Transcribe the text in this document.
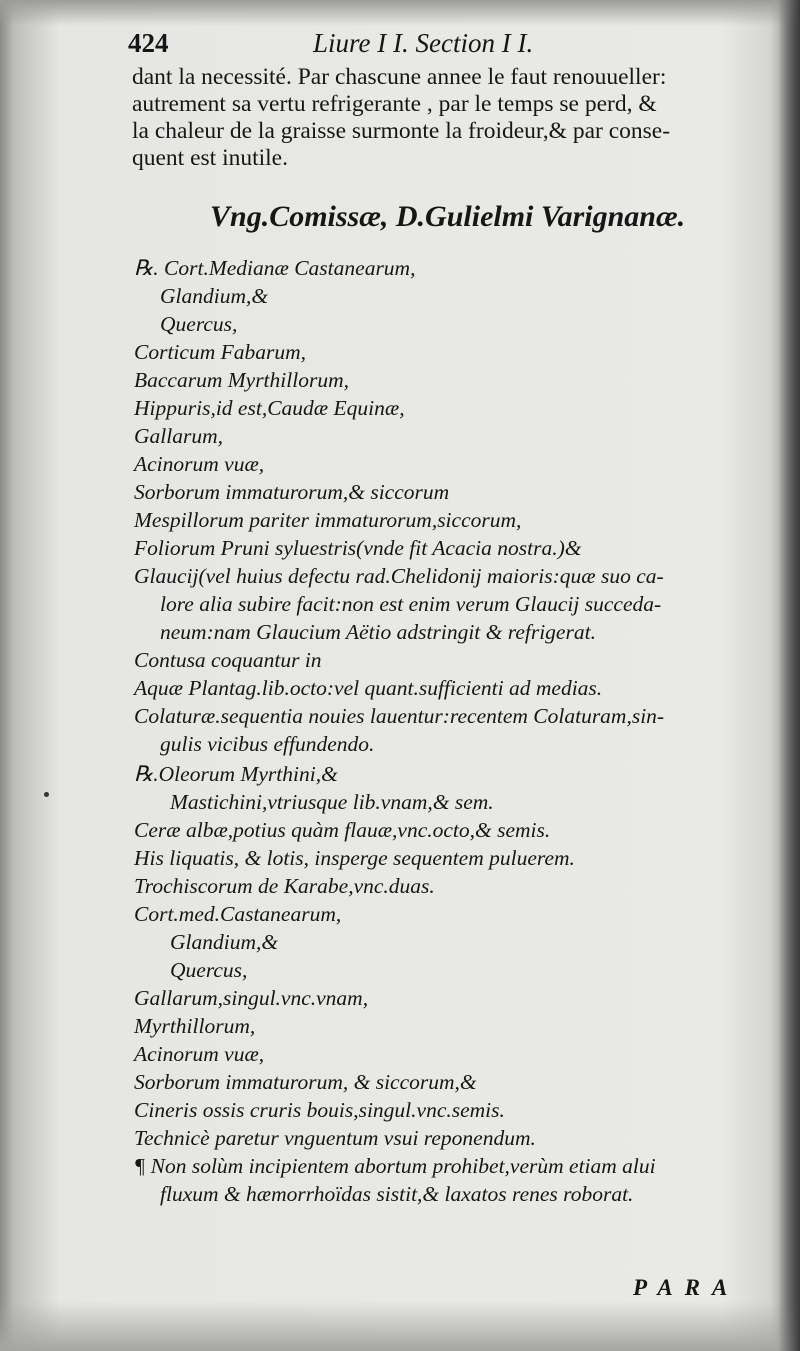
424	Liure I I. Section I I.
dant la necessité. Par chascune annee le faut renouueller:
autrement sa vertu refrigerante , par le temps se perd, &
la chaleur de la graisse surmonte la froideur,& par conse-
quent est inutile.
Vng.Comissæ, D.Gulielmi Varignanæ.
℞. Cort.Medianæ Castanearum,
Glandium,&
Quercus,
Corticum Fabarum,
Baccarum Myrthillorum,
Hippuris,id est,Caudæ Equinæ,
Gallarum,
Acinorum vuæ,
Sorborum immaturorum,& siccorum
Mespillorum pariter immaturorum,siccorum,
Foliorum Pruni syluestris(vnde fit Acacia nostra.)&
Glaucij(vel huius defectu rad.Chelidonij maioris:quæ suo ca-
lore alia subire facit:non est enim verum Glaucij succeda-
neum:nam Glaucium Aëtio adstringit & refrigerat.
Contusa coquantur in
Aquæ Plantag.lib.octo:vel quant.sufficienti ad medias.
Colaturæ.sequentia nouies lauentur:recentem Colaturam,sin-
gulis vicibus effundendo.
℞.Oleorum Myrthini,&
Mastichini,vtriusque lib.vnam,& sem.
Ceræ albæ,potius quàm flauæ,vnc.octo,& semis.
His liquatis, & lotis, insperge sequentem puluerem.
Trochiscorum de Karabe,vnc.duas.
Cort.med.Castanearum,
Glandium,&
Quercus,
Gallarum,singul.vnc.vnam,
Myrthillorum,
Acinorum vuæ,
Sorborum immaturorum, & siccorum,&
Cineris ossis cruris bouis,singul.vnc.semis.
Technicè paretur vnguentum vsui reponendum.
¶ Non solùm incipientem abortum prohibet,verùm etiam alui
fluxum & hæmorrhoïdas sistit,& laxatos renes roborat.
PARA
